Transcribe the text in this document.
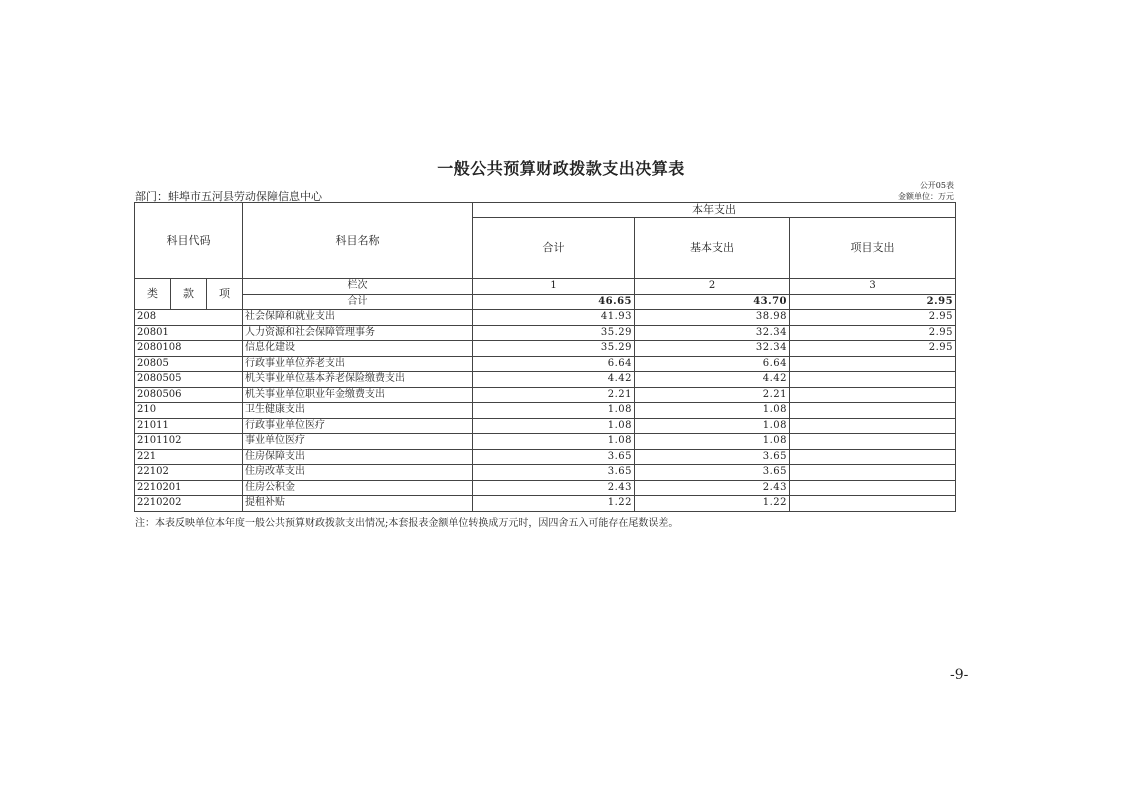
一般公共预算财政拨款支出决算表
公开05表
部门：蚌埠市五河县劳动保障信息中心	金额单位：万元
科目代码			科目名称	本年支出		
				合计	基本支出	项目支出
类	款	项	栏次	1	2	3
			合计	46.65	43.70	2.95
208			社会保障和就业支出	41.93	38.98	2.95
20801			人力资源和社会保障管理事务	35.29	32.34	2.95
2080108			信息化建设	35.29	32.34	2.95
20805			行政事业单位养老支出	6.64	6.64	
2080505			机关事业单位基本养老保险缴费支出	4.42	4.42	
2080506			机关事业单位职业年金缴费支出	2.21	2.21	
210			卫生健康支出	1.08	1.08	
21011			行政事业单位医疗	1.08	1.08	
2101102			事业单位医疗	1.08	1.08	
221			住房保障支出	3.65	3.65	
22102			住房改革支出	3.65	3.65	
2210201			住房公积金	2.43	2.43	
2210202			提租补贴	1.22	1.22	
注：本表反映单位本年度一般公共预算财政拨款支出情况;本套报表金额单位转换成万元时，因四舍五入可能存在尾数误差。
-9-
